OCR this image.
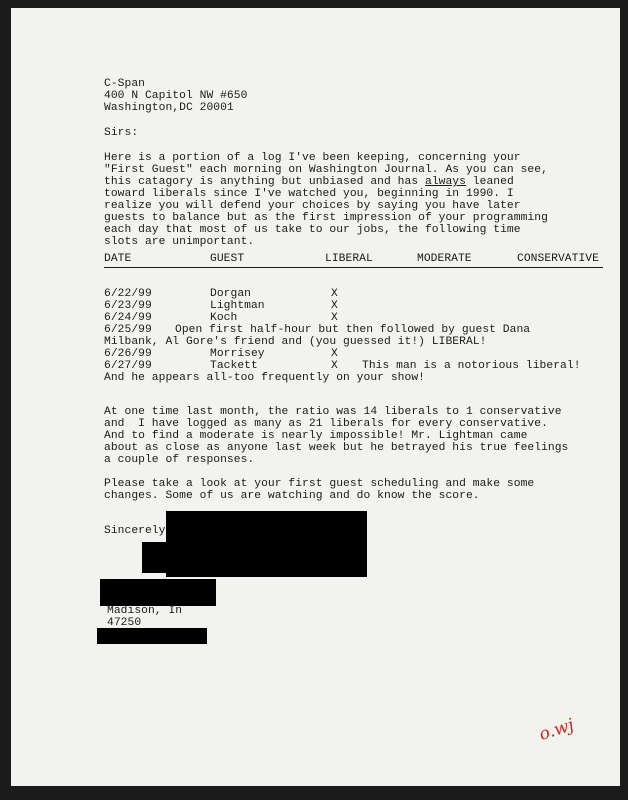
C-Span
400 N Capitol NW #650
Washington,DC 20001
Sirs:
Here is a portion of a log I've been keeping, concerning your
"First Guest" each morning on Washington Journal. As you can see,
this catagory is anything but unbiased and has always leaned
toward liberals since I've watched you, beginning in 1990. I
realize you will defend your choices by saying you have later
guests to balance but as the first impression of your programming
each day that most of us take to our jobs, the following time
slots are unimportant.
DATE	GUEST	LIBERAL	MODERATE	CONSERVATIVE
6/22/99	Dorgan	X
6/23/99	Lightman	X
6/24/99	Koch	X
6/25/99 Open first half-hour but then followed by guest Dana
Milbank, Al Gore's friend and (you guessed it!) LIBERAL!
6/26/99	Morrisey	X
6/27/99	Tackett	X This man is a notorious liberal!
And he appears all-too frequently on your show!
At one time last month, the ratio was 14 liberals to 1 conservative
and  I have logged as many as 21 liberals for every conservative.
And to find a moderate is nearly impossible! Mr. Lightman came
about as close as anyone last week but he betrayed his true feelings
a couple of responses.
Please take a look at your first guest scheduling and make some
changes. Some of us are watching and do know the score.
Sincerely
Madison, In
47250
o.wj
